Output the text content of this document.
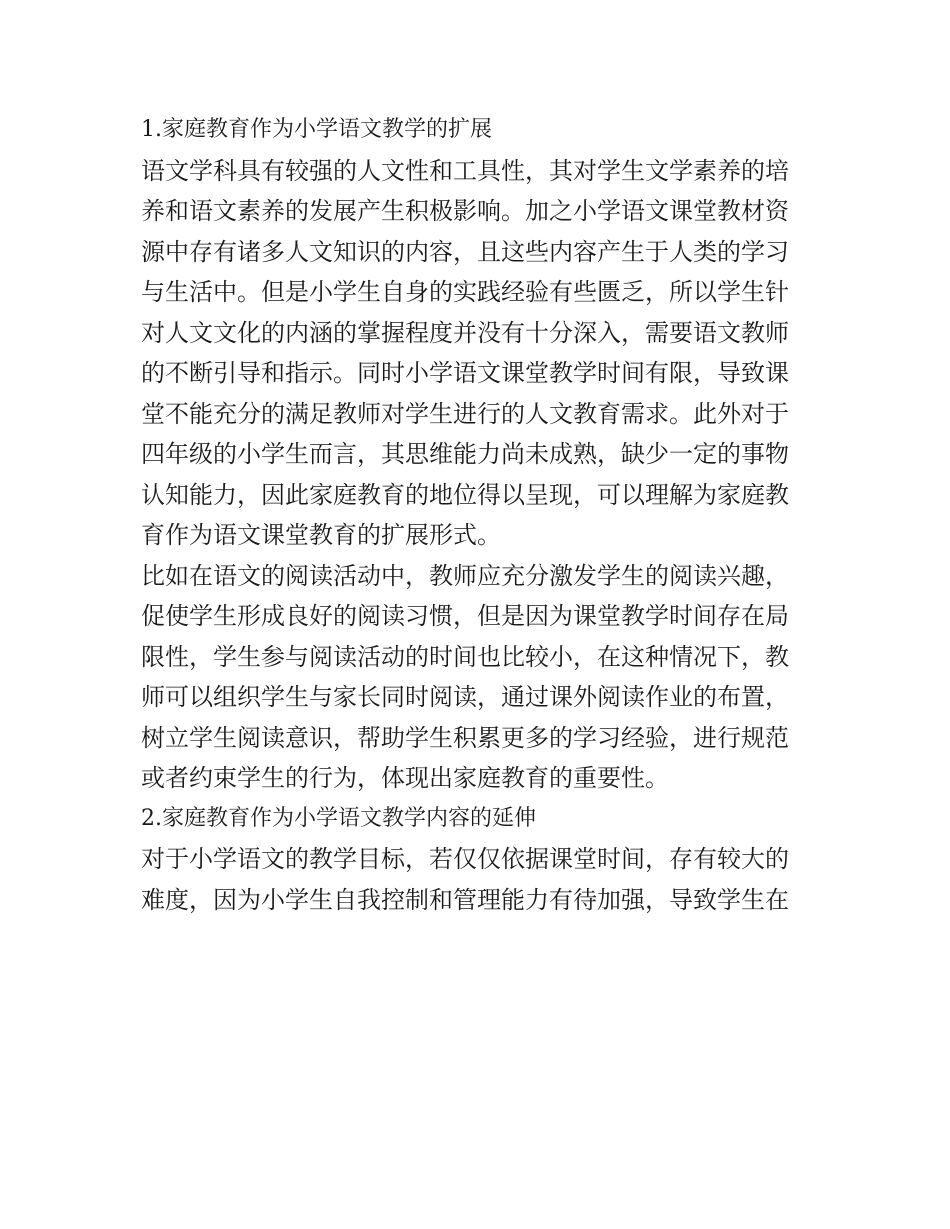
1.家庭教育作为小学语文教学的扩展
语文学科具有较强的人文性和工具性，其对学生文学素养的培
养和语文素养的发展产生积极影响。加之小学语文课堂教材资
源中存有诸多人文知识的内容，且这些内容产生于人类的学习
与生活中。但是小学生自身的实践经验有些匮乏，所以学生针
对人文文化的内涵的掌握程度并没有十分深入，需要语文教师
的不断引导和指示。同时小学语文课堂教学时间有限，导致课
堂不能充分的满足教师对学生进行的人文教育需求。此外对于
四年级的小学生而言，其思维能力尚未成熟，缺少一定的事物
认知能力，因此家庭教育的地位得以呈现，可以理解为家庭教
育作为语文课堂教育的扩展形式。
比如在语文的阅读活动中，教师应充分激发学生的阅读兴趣，
促使学生形成良好的阅读习惯，但是因为课堂教学时间存在局
限性，学生参与阅读活动的时间也比较小，在这种情况下，教
师可以组织学生与家长同时阅读，通过课外阅读作业的布置，
树立学生阅读意识，帮助学生积累更多的学习经验，进行规范
或者约束学生的行为，体现出家庭教育的重要性。
2.家庭教育作为小学语文教学内容的延伸
对于小学语文的教学目标，若仅仅依据课堂时间，存有较大的
难度，因为小学生自我控制和管理能力有待加强，导致学生在
